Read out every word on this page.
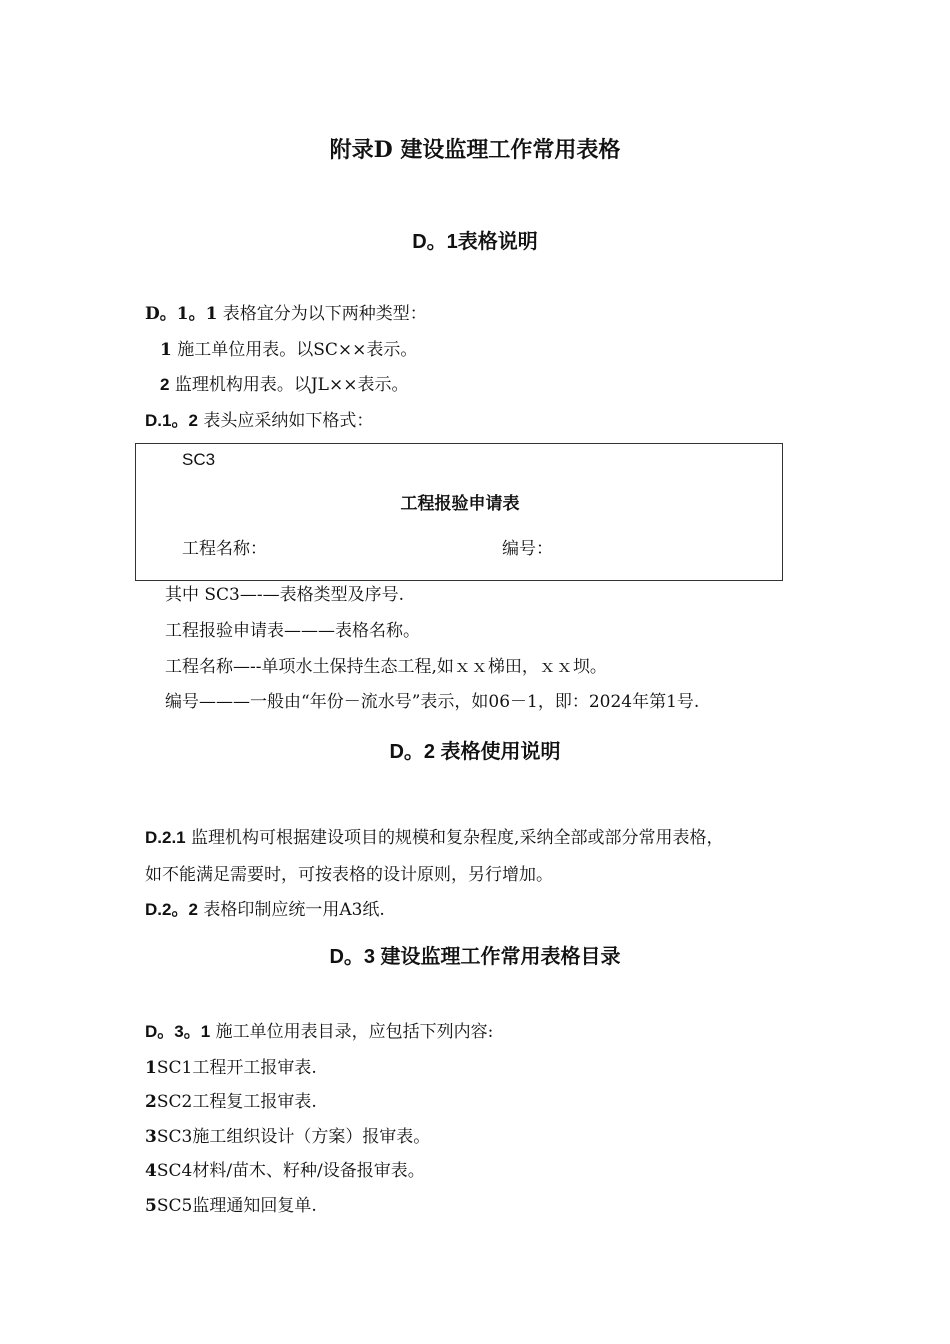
附录D 建设监理工作常用表格
D。1表格说明
D。1。1 表格宜分为以下两种类型：
1 施工单位用表。以SC××表示。
2 监理机构用表。以JL××表示。
D.1。2 表头应采纳如下格式：
SC3
工程报验申请表
工程名称：	编号：
其中 SC3—-—表格类型及序号.
工程报验申请表———表格名称。
工程名称—--单项水土保持生态工程,如ｘｘ梯田，ｘｘ坝。
编号———一般由“年份－流水号”表示，如06－1，即：2024年第1号.
D。2 表格使用说明
D.2.1 监理机构可根据建设项目的规模和复杂程度,采纳全部或部分常用表格，
如不能满足需要时，可按表格的设计原则，另行增加。
D.2。2 表格印制应统一用A3纸.
D。3 建设监理工作常用表格目录
D。3。1 施工单位用表目录，应包括下列内容:
1SC1工程开工报审表.
2SC2工程复工报审表.
3SC3施工组织设计（方案）报审表。
4SC4材料/苗木、籽种/设备报审表。
5SC5监理通知回复单.
